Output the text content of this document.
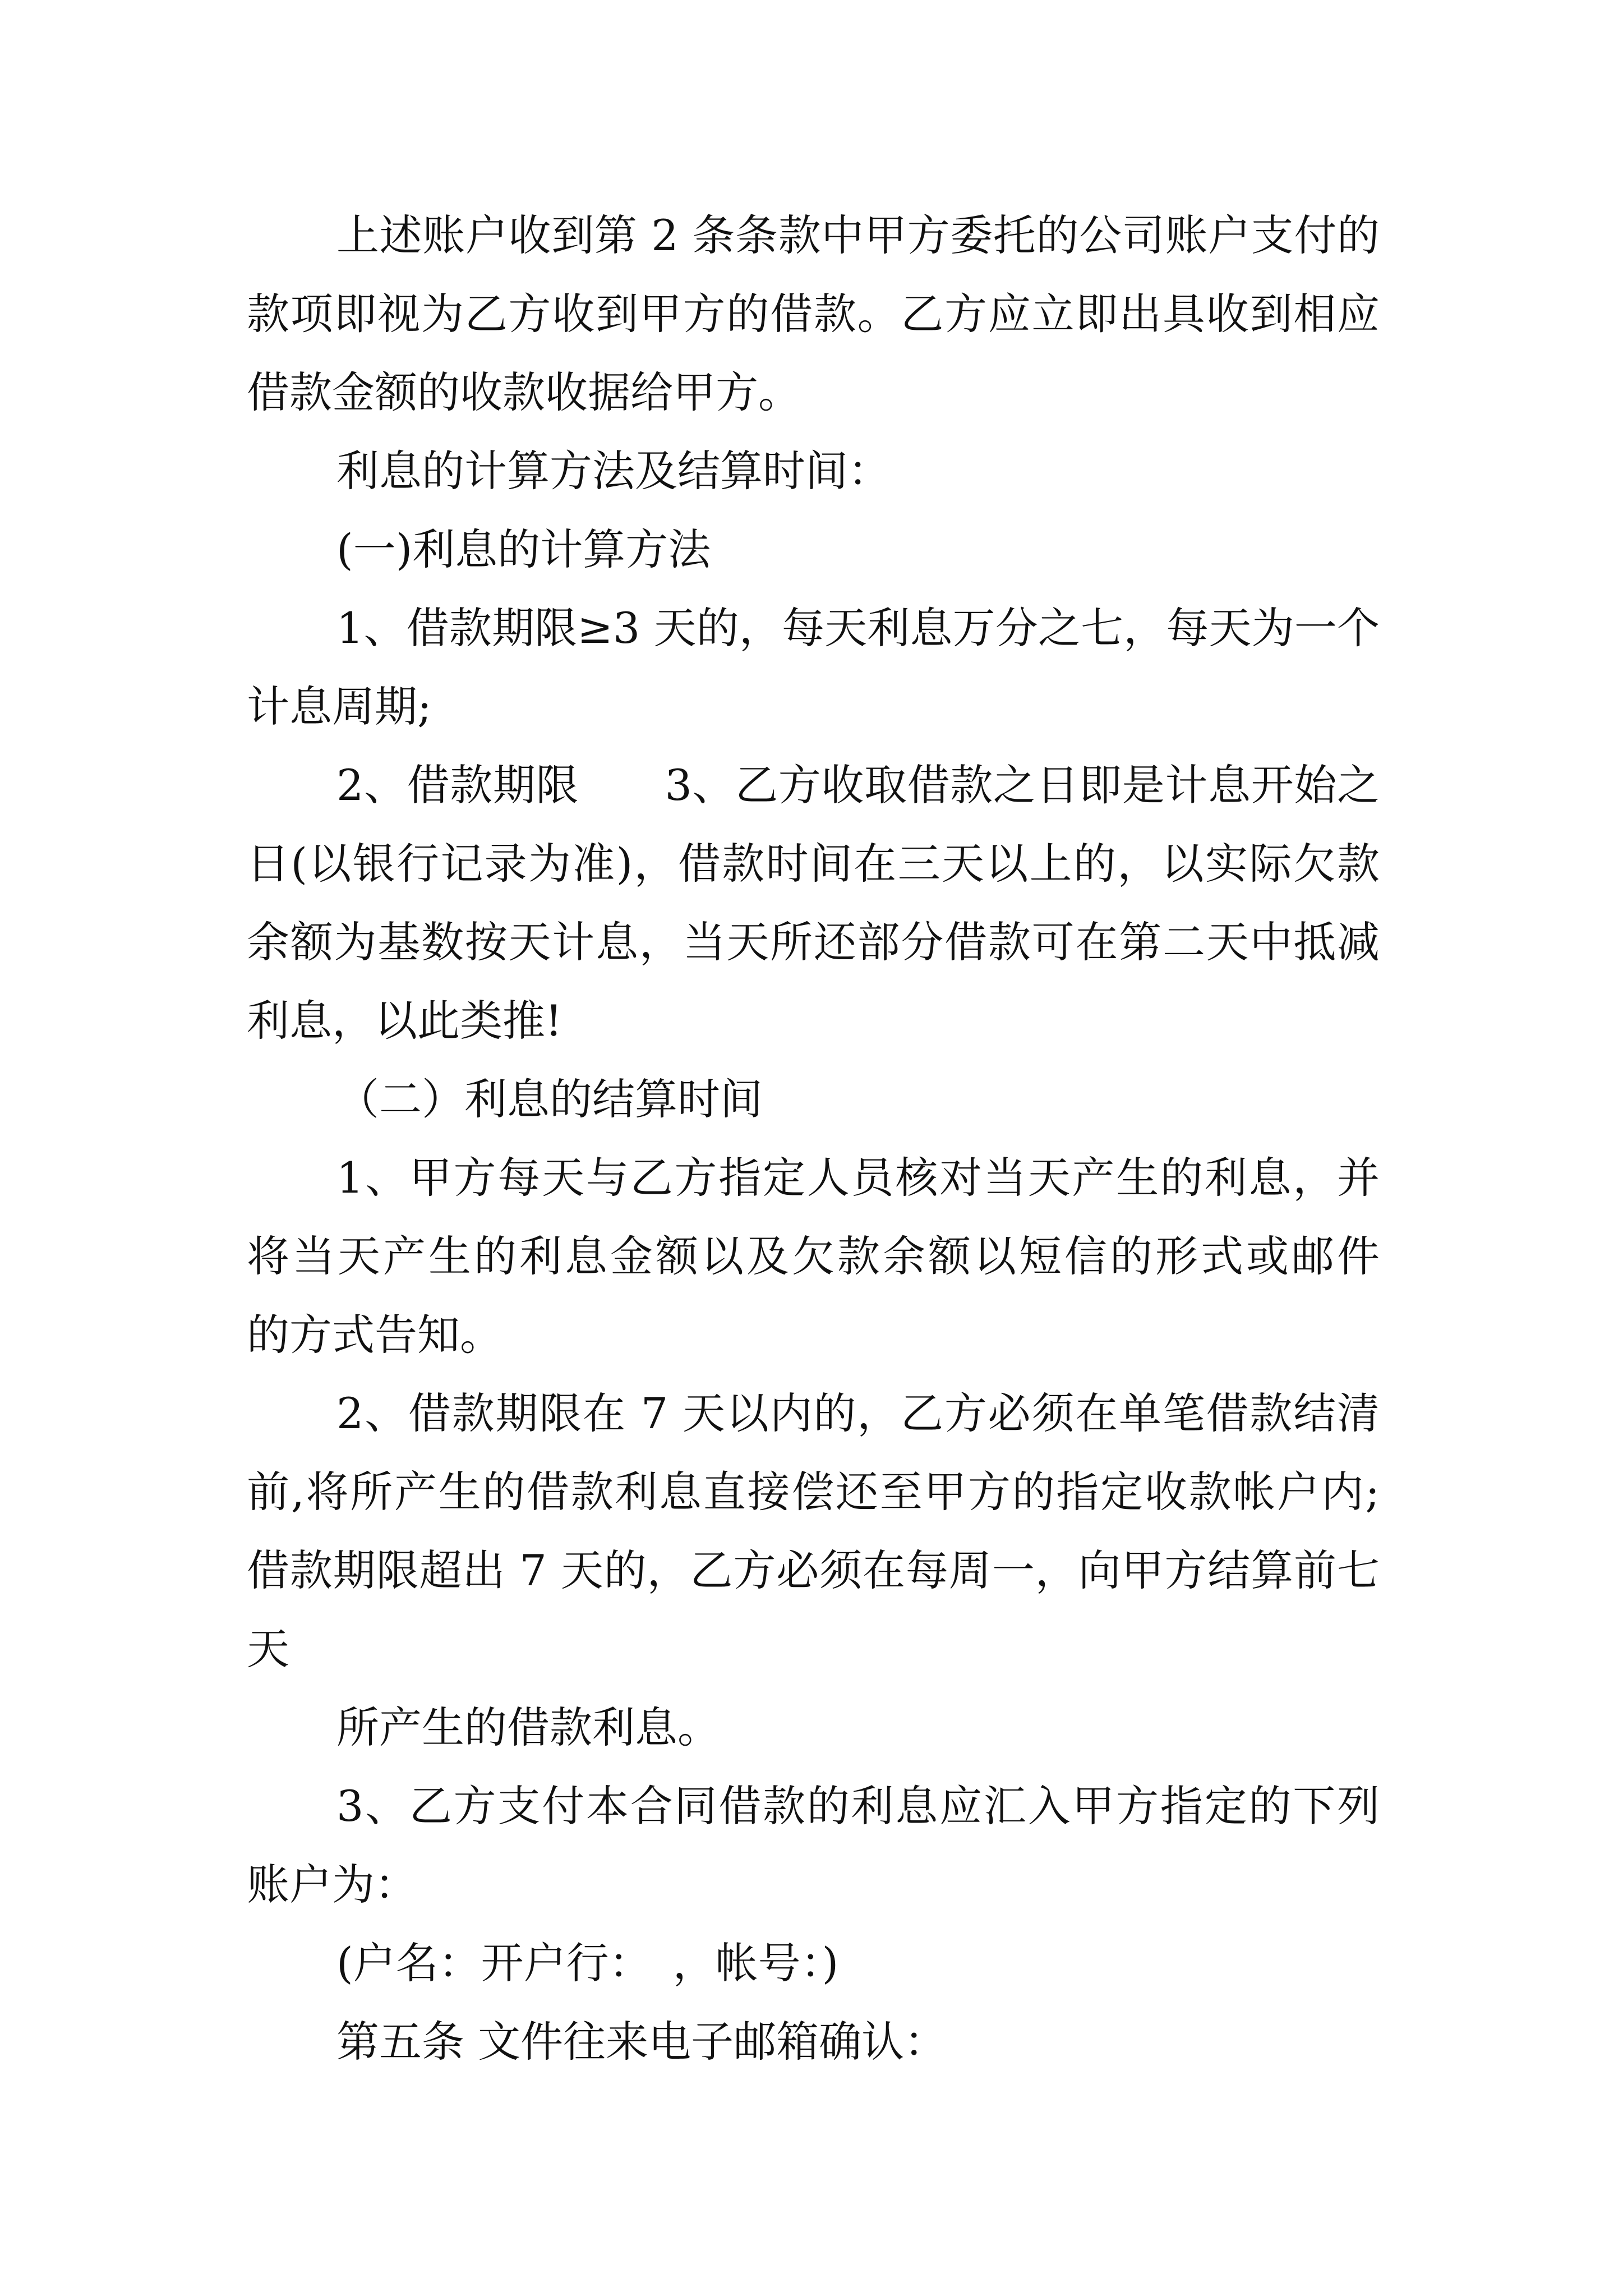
上述账户收到第 2 条条款中甲方委托的公司账户支付的

款项即视为乙方收到甲方的借款。乙方应立即出具收到相应

借款金额的收款收据给甲方。

利息的计算方法及结算时间：

(一)利息的计算方法

1、借款期限≥3 天的，每天利息万分之七，每天为一个

计息周期;

2、借款期限　　3、乙方收取借款之日即是计息开始之

日(以银行记录为准)，借款时间在三天以上的，以实际欠款

余额为基数按天计息，当天所还部分借款可在第二天中抵减

利息，以此类推!

（二）利息的结算时间

1、甲方每天与乙方指定人员核对当天产生的利息，并

将当天产生的利息金额以及欠款余额以短信的形式或邮件

的方式告知。

2、借款期限在 7 天以内的，乙方必须在单笔借款结清

前,将所产生的借款利息直接偿还至甲方的指定收款帐户内;

借款期限超出 7 天的，乙方必须在每周一，向甲方结算前七

天

所产生的借款利息。

3、乙方支付本合同借款的利息应汇入甲方指定的下列

账户为：

(户名：开户行：　，帐号：)

第五条 文件往来电子邮箱确认：
